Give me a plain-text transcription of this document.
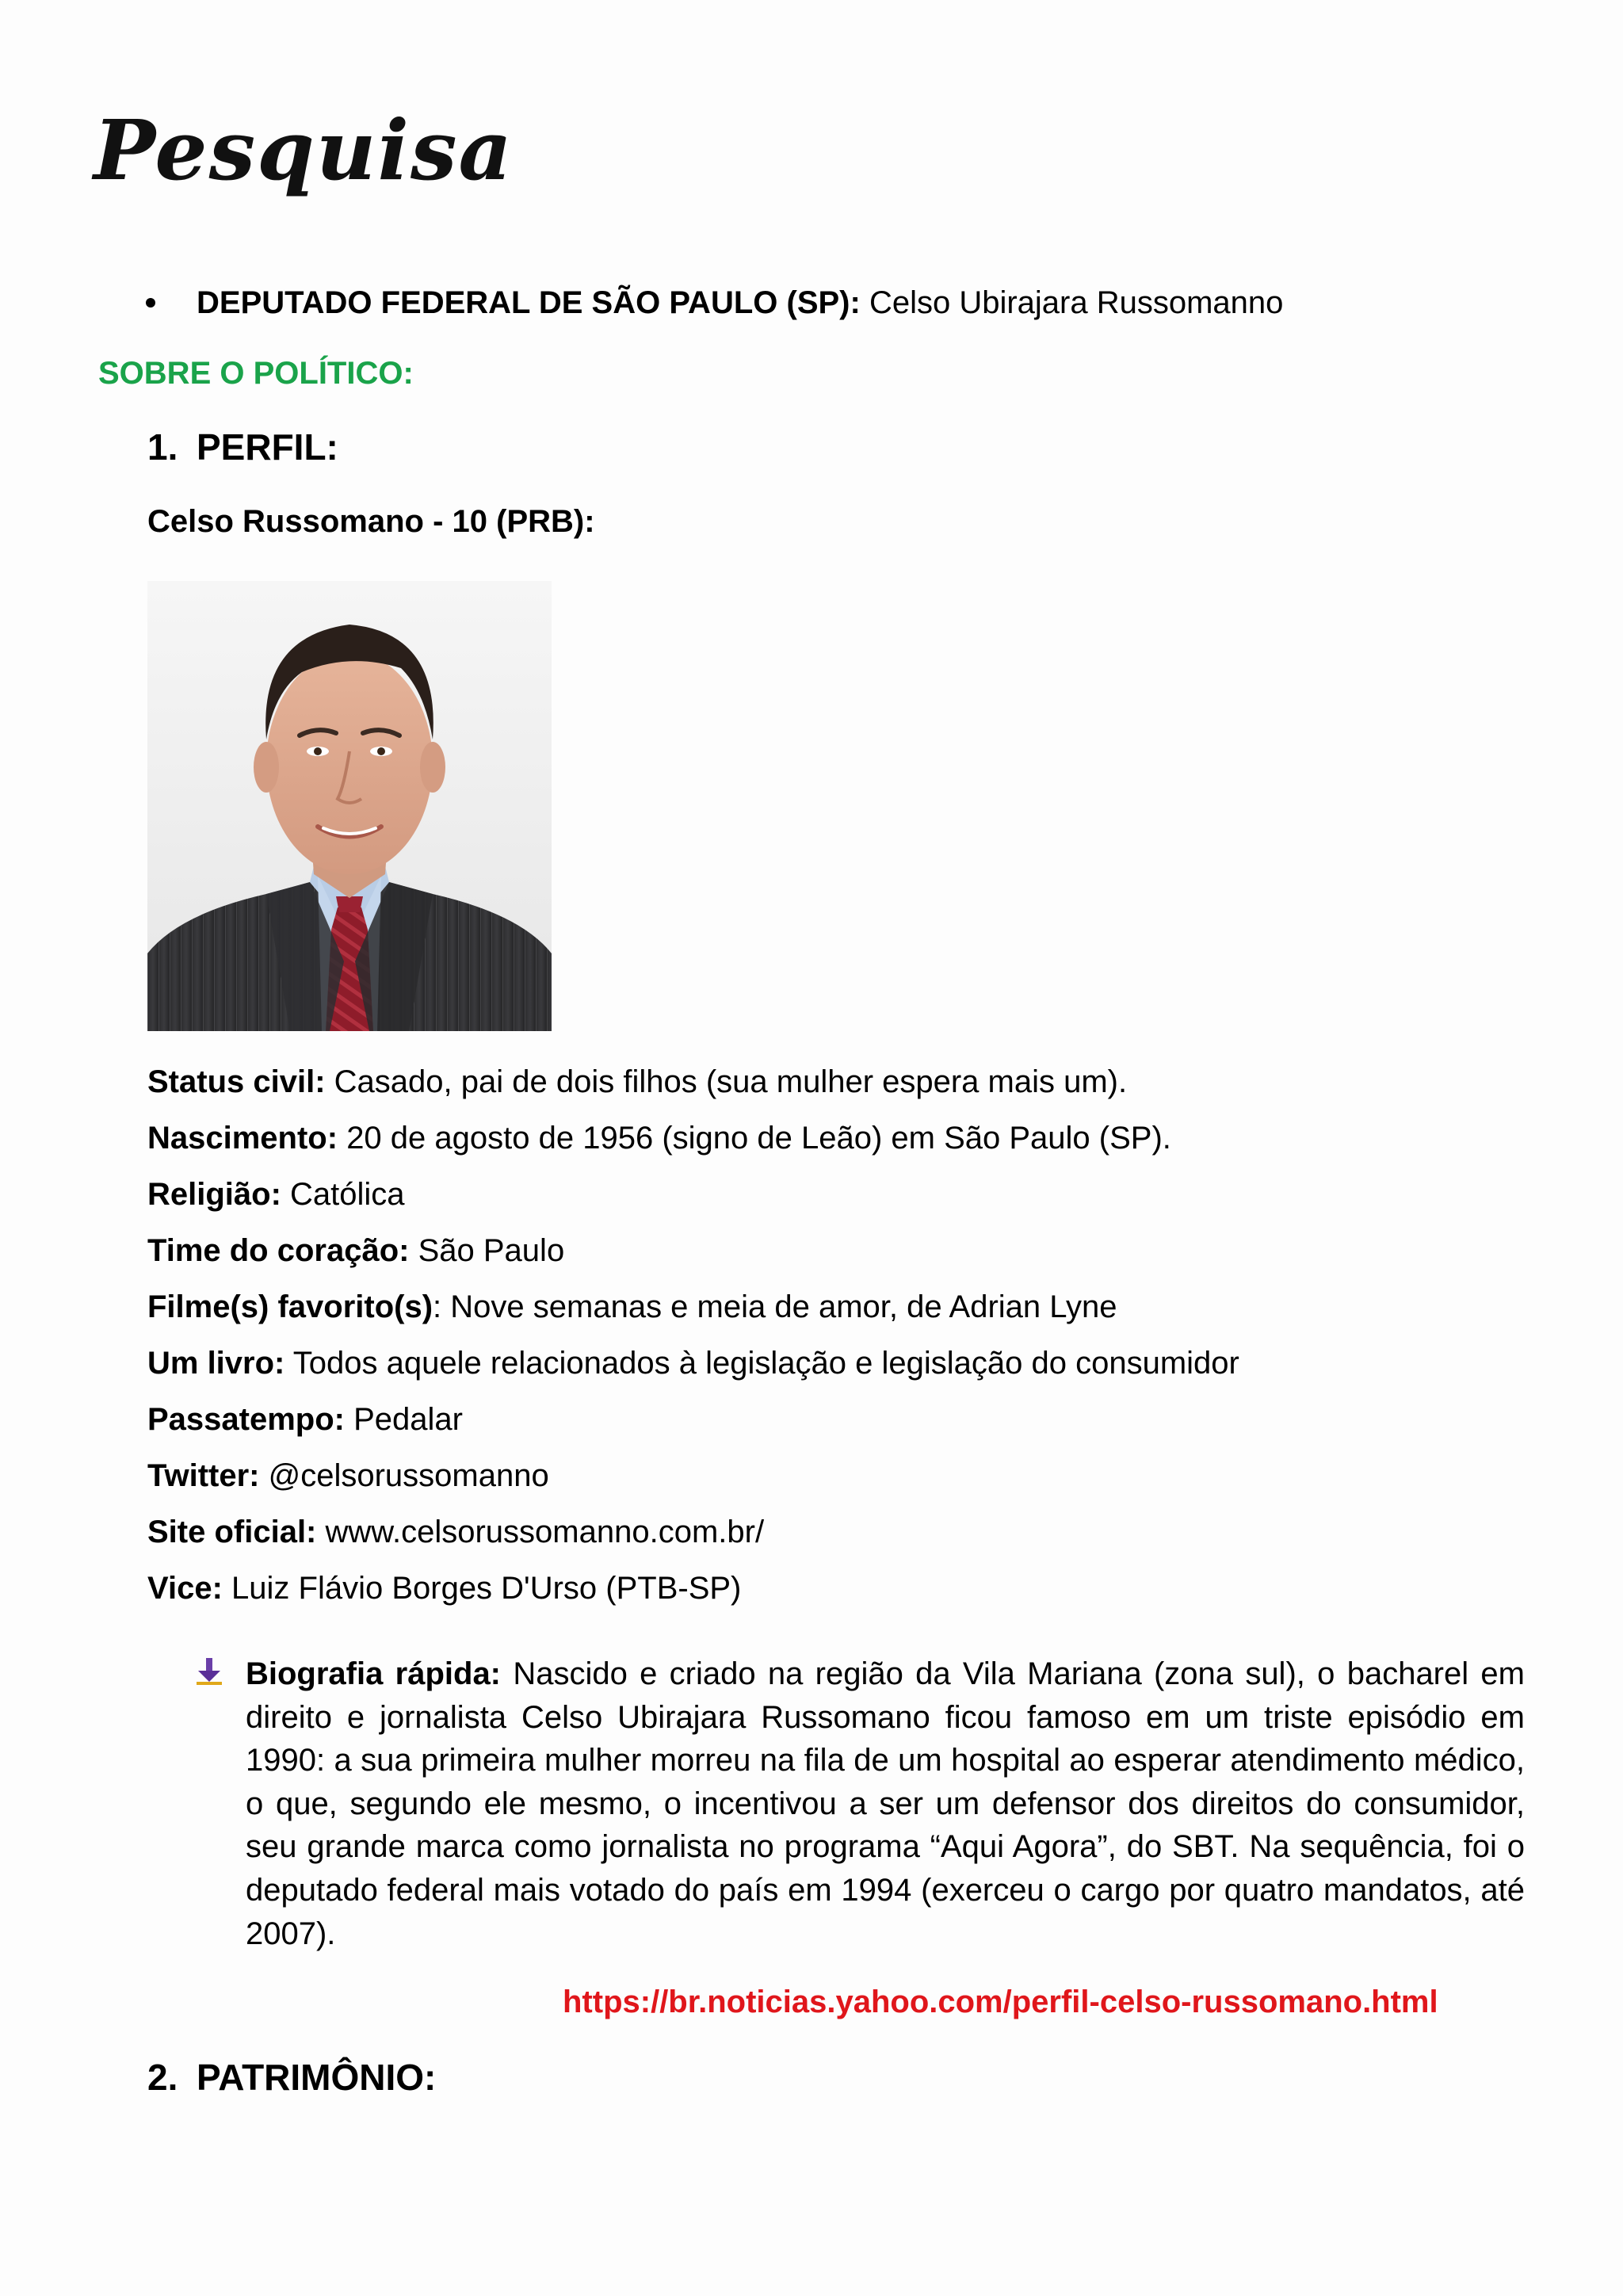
Pesquisa
DEPUTADO FEDERAL DE SÃO PAULO (SP): Celso Ubirajara Russomanno
SOBRE O POLÍTICO:
1. PERFIL:
Celso Russomano - 10 (PRB):
Status civil: Casado, pai de dois filhos (sua mulher espera mais um).
Nascimento: 20 de agosto de 1956 (signo de Leão) em São Paulo (SP).
Religião: Católica
Time do coração: São Paulo
Filme(s) favorito(s): Nove semanas e meia de amor, de Adrian Lyne
Um livro: Todos aquele relacionados à legislação e legislação do consumidor
Passatempo: Pedalar
Twitter: @celsorussomanno
Site oficial: www.celsorussomanno.com.br/
Vice: Luiz Flávio Borges D'Urso (PTB-SP)
Biografia rápida: Nascido e criado na região da Vila Mariana (zona sul), o bacharel em direito e jornalista Celso Ubirajara Russomano ficou famoso em um triste episódio em 1990: a sua primeira mulher morreu na fila de um hospital ao esperar atendimento médico, o que, segundo ele mesmo, o incentivou a ser um defensor dos direitos do consumidor, seu grande marca como jornalista no programa “Aqui Agora”, do SBT. Na sequência, foi o deputado federal mais votado do país em 1994 (exerceu o cargo por quatro mandatos, até 2007).
https://br.noticias.yahoo.com/perfil-celso-russomano.html
2. PATRIMÔNIO:
